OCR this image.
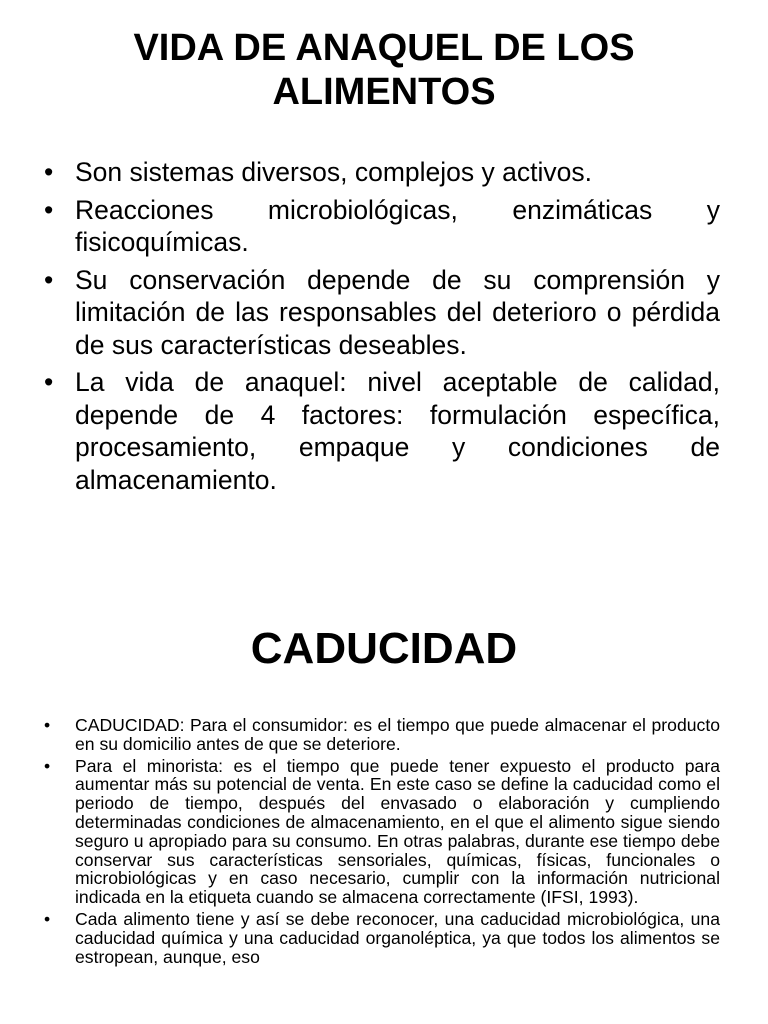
VIDA DE ANAQUEL DE LOS
ALIMENTOS
• Son sistemas diversos, complejos y activos.
• Reacciones microbiológicas, enzimáticas y fisicoquímicas.
• Su conservación depende de su comprensión y limitación de las responsables del deterioro o pérdida de sus características deseables.
• La vida de anaquel: nivel aceptable de calidad, depende de 4 factores: formulación específica, procesamiento, empaque y condiciones de almacenamiento.
CADUCIDAD
• CADUCIDAD: Para el consumidor: es el tiempo que puede almacenar el producto en su domicilio antes de que se deteriore.
• Para el minorista: es el tiempo que puede tener expuesto el producto para aumentar más su potencial de venta. En este caso se define la caducidad como el periodo de tiempo, después del envasado o elaboración y cumpliendo determinadas condiciones de almacenamiento, en el que el alimento sigue siendo seguro u apropiado para su consumo. En otras palabras, durante ese tiempo debe conservar sus características sensoriales, químicas, físicas, funcionales o microbiológicas y en caso necesario, cumplir con la información nutricional indicada en la etiqueta cuando se almacena correctamente (IFSI, 1993).
• Cada alimento tiene y así se debe reconocer, una caducidad microbiológica, una caducidad química y una caducidad organoléptica, ya que todos los alimentos se estropean, aunque, eso
